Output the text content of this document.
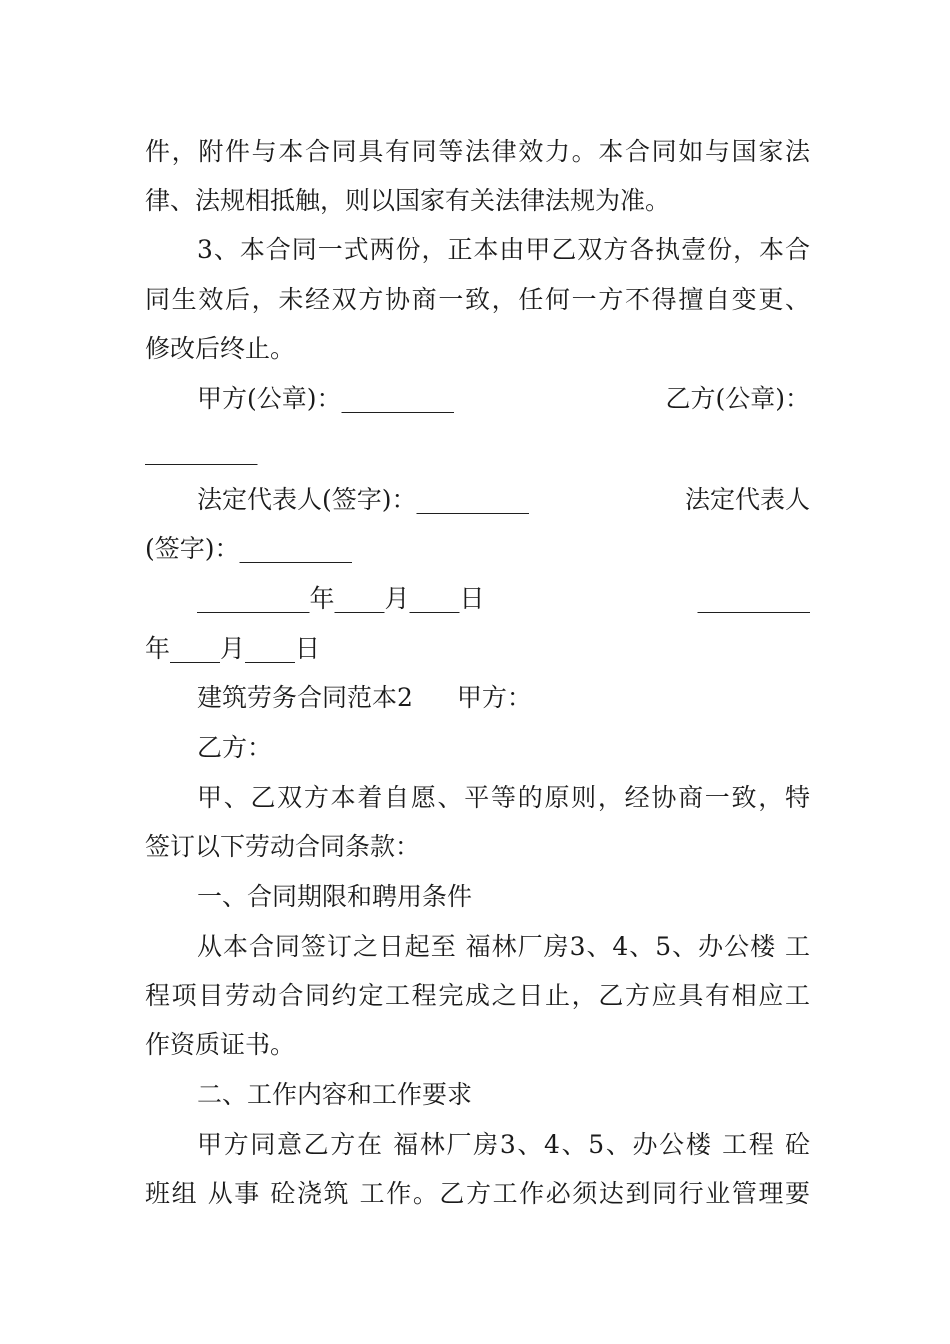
件，附件与本合同具有同等法律效力。本合同如与国家法
律、法规相抵触，则以国家有关法律法规为准。
3、本合同一式两份，正本由甲乙双方各执壹份，本合
同生效后，未经双方协商一致，任何一方不得擅自变更、
修改后终止。
甲方(公章)：_________	乙方(公章)：
_________
法定代表人(签字)：_________	法定代表人
(签字)：_________
_________年____月____日	_________
年____月____日
建筑劳务合同范本2 甲方：
乙方：
甲、乙双方本着自愿、平等的原则，经协商一致，特
签订以下劳动合同条款：
一、合同期限和聘用条件
从本合同签订之日起至 福林厂房3、4、5、办公楼 工
程项目劳动合同约定工程完成之日止，乙方应具有相应工
作资质证书。
二、工作内容和工作要求
甲方同意乙方在 福林厂房3、4、5、办公楼 工程 砼
班组 从事 砼浇筑 工作。乙方工作必须达到同行业管理要
